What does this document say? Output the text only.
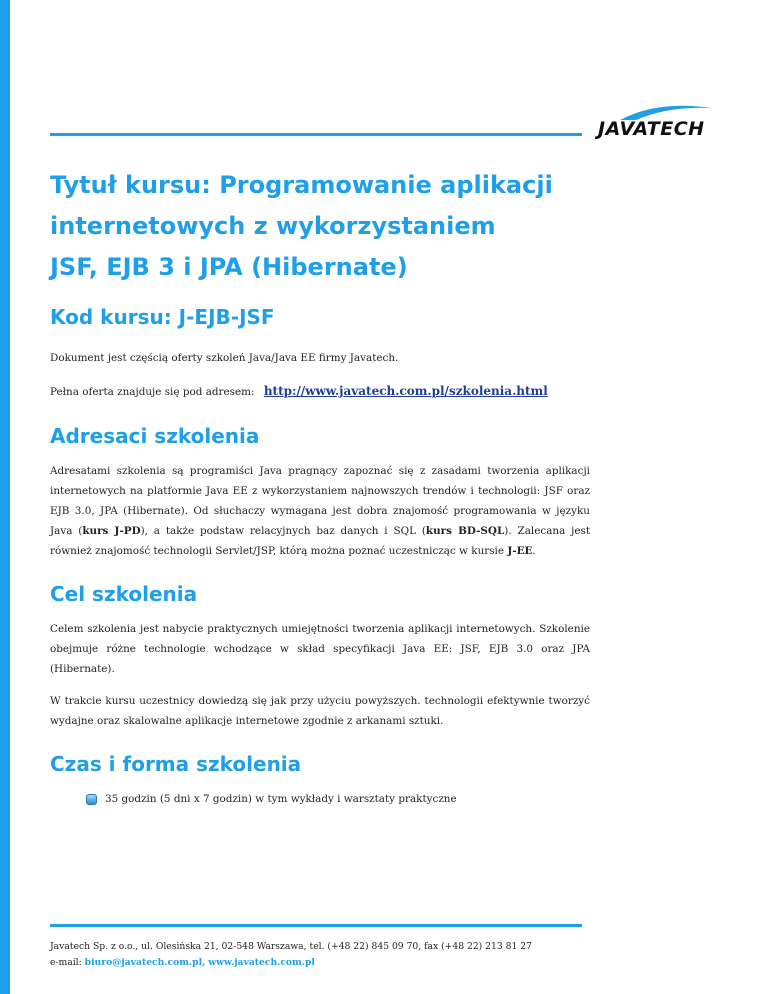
JAVATECH
Tytuł kursu: Programowanie aplikacji
internetowych z wykorzystaniem
JSF, EJB 3 i JPA (Hibernate)
Kod kursu: J-EJB-JSF

Dokument jest częścią oferty szkoleń Java/Java EE firmy Javatech.

Pełna oferta znajduje się pod adresem: http://www.javatech.com.pl/szkolenia.html
Adresaci szkolenia

Adresatami szkolenia są programiści Java pragnący zapoznać się z zasadami tworzenia aplikacji internetowych na platformie Java EE z wykorzystaniem najnowszych trendów i technologii: JSF oraz EJB 3.0, JPA (Hibernate). Od słuchaczy wymagana jest dobra znajomość programowania w języku Java (kurs J-PD), a także podstaw relacyjnych baz danych i SQL (kurs BD-SQL). Zalecana jest również znajomość technologii Servlet/JSP, którą można poznać uczestnicząc w kursie J-EE.

Cel szkolenia

Celem szkolenia jest nabycie praktycznych umiejętności tworzenia aplikacji internetowych. Szkolenie obejmuje różne technologie wchodzące w skład specyfikacji Java EE: JSF, EJB 3.0 oraz JPA (Hibernate).

W trakcie kursu uczestnicy dowiedzą się jak przy użyciu powyższych. technologii efektywnie tworzyć wydajne oraz skalowalne aplikacje internetowe zgodnie z arkanami sztuki.

Czas i forma szkolenia
35 godzin (5 dni x 7 godzin) w tym wykłady i warsztaty praktyczne
Javatech Sp. z o.o., ul. Olesińska 21, 02-548 Warszawa, tel. (+48 22) 845 09 70, fax (+48 22) 213 81 27
e-mail: biuro@javatech.com.pl, www.javatech.com.pl
